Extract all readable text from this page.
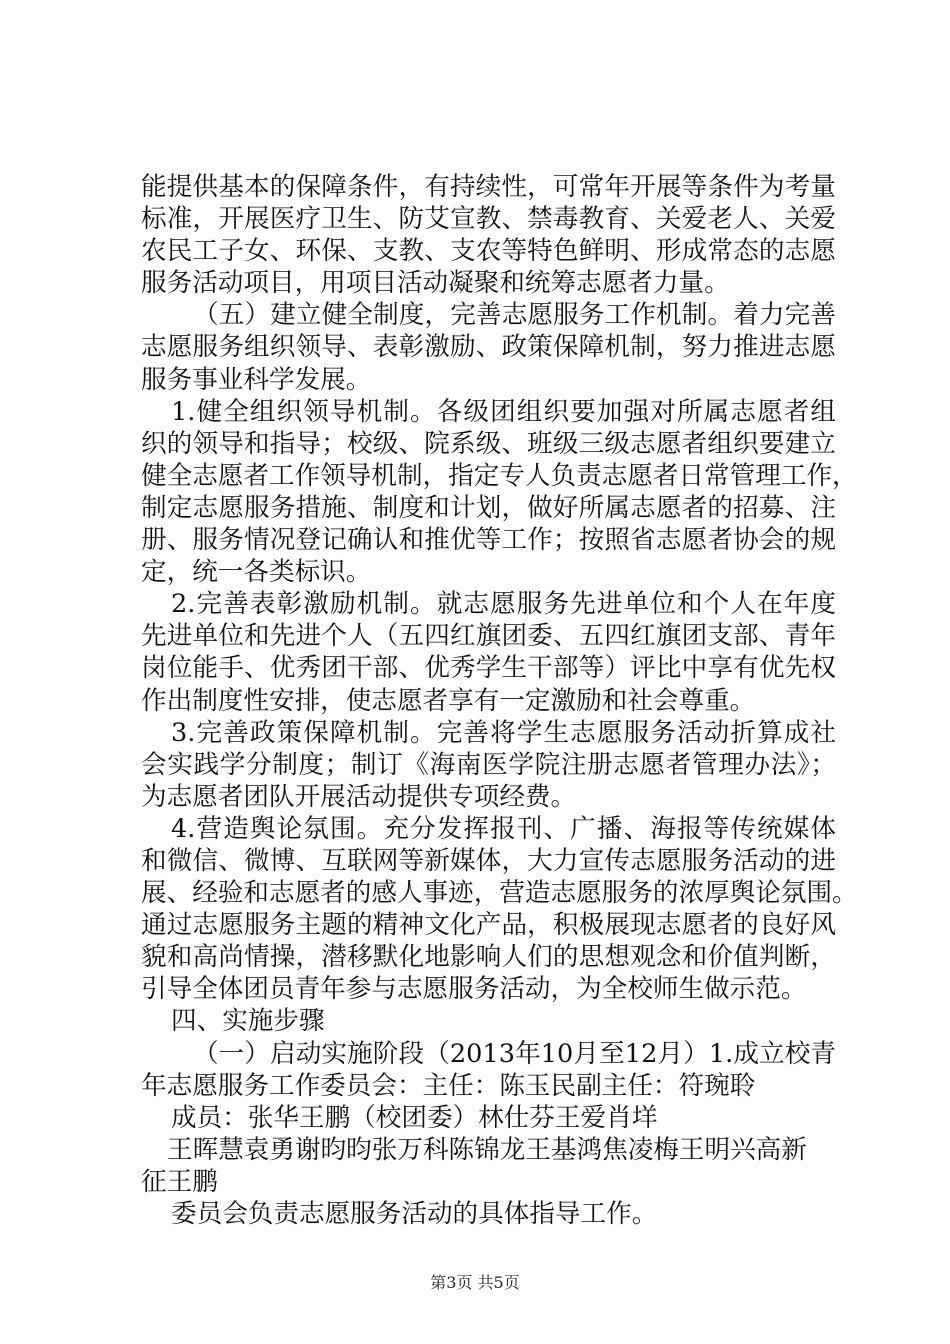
能提供基本的保障条件，有持续性，可常年开展等条件为考量
标准，开展医疗卫生、防艾宣教、禁毒教育、关爱老人、关爱
农民工子女、环保、支教、支农等特色鲜明、形成常态的志愿
服务活动项目，用项目活动凝聚和统筹志愿者力量。
（五）建立健全制度，完善志愿服务工作机制。着力完善
志愿服务组织领导、表彰激励、政策保障机制，努力推进志愿
服务事业科学发展。
1.健全组织领导机制。各级团组织要加强对所属志愿者组
织的领导和指导；校级、院系级、班级三级志愿者组织要建立
健全志愿者工作领导机制，指定专人负责志愿者日常管理工作，
制定志愿服务措施、制度和计划，做好所属志愿者的招募、注
册、服务情况登记确认和推优等工作；按照省志愿者协会的规
定，统一各类标识。
2.完善表彰激励机制。就志愿服务先进单位和个人在年度
先进单位和先进个人（五四红旗团委、五四红旗团支部、青年
岗位能手、优秀团干部、优秀学生干部等）评比中享有优先权
作出制度性安排，使志愿者享有一定激励和社会尊重。
3.完善政策保障机制。完善将学生志愿服务活动折算成社
会实践学分制度；制订《海南医学院注册志愿者管理办法》；
为志愿者团队开展活动提供专项经费。
4.营造舆论氛围。充分发挥报刊、广播、海报等传统媒体
和微信、微博、互联网等新媒体，大力宣传志愿服务活动的进
展、经验和志愿者的感人事迹，营造志愿服务的浓厚舆论氛围。
通过志愿服务主题的精神文化产品，积极展现志愿者的良好风
貌和高尚情操，潜移默化地影响人们的思想观念和价值判断，
引导全体团员青年参与志愿服务活动，为全校师生做示范。
四、实施步骤
（一）启动实施阶段（2013年10月至12月）1.成立校青
年志愿服务工作委员会：主任：陈玉民副主任：符琬聆
成员：张华王鹏（校团委）林仕芬王爱肖垟
王晖慧袁勇谢昀昀张万科陈锦龙王基鸿焦凌梅王明兴高新
征王鹏
委员会负责志愿服务活动的具体指导工作。
第3页 共5页
